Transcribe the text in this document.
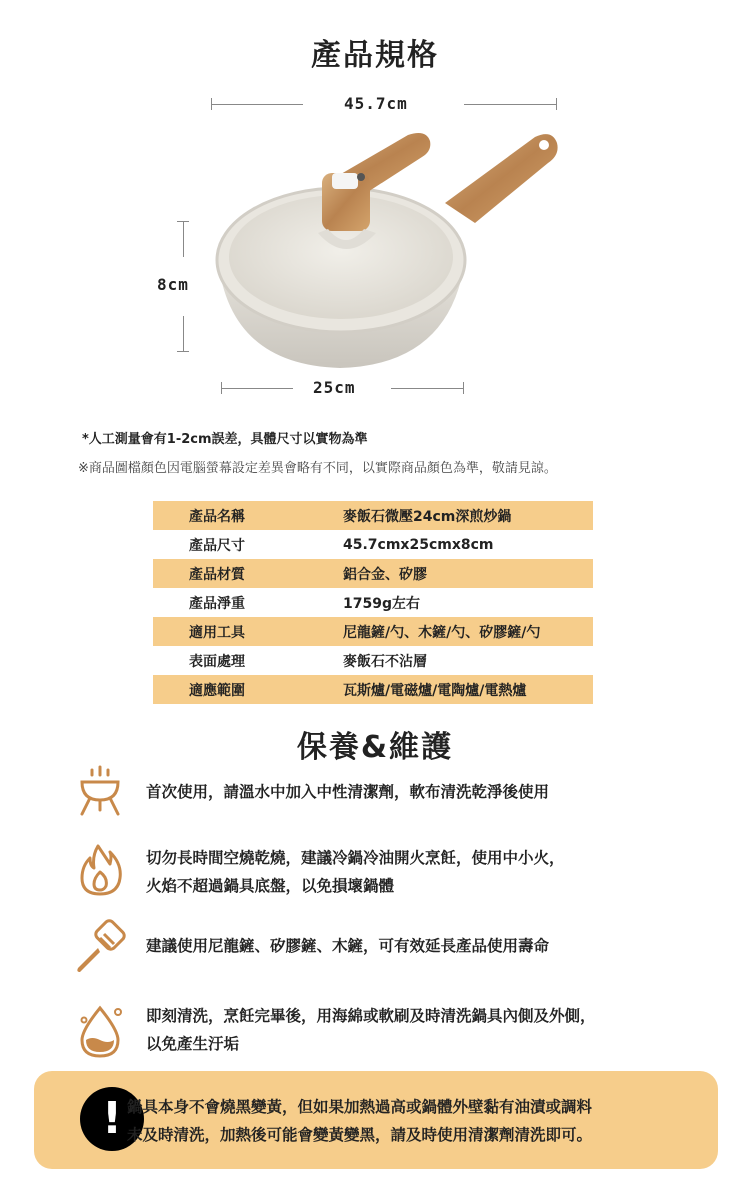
產品規格
45.7cm
8cm
25cm
*人工測量會有1-2cm誤差，具體尺寸以實物為準
※商品圖檔顏色因電腦螢幕設定差異會略有不同，以實際商品顏色為準，敬請見諒。
產品名稱	麥飯石微壓24cm深煎炒鍋
產品尺寸	45.7cmx25cmx8cm
產品材質	鋁合金、矽膠
產品淨重	1759g左右
適用工具	尼龍鏟/勺、木鏟/勺、矽膠鏟/勺
表面處理	麥飯石不沾層
適應範圍	瓦斯爐/電磁爐/電陶爐/電熱爐
保養&維護
首次使用，請溫水中加入中性清潔劑，軟布清洗乾淨後使用
切勿長時間空燒乾燒，建議冷鍋冷油開火烹飪，使用中小火，
火焰不超過鍋具底盤，以免損壞鍋體
建議使用尼龍鏟、矽膠鏟、木鏟，可有效延長產品使用壽命
即刻清洗，烹飪完畢後，用海綿或軟刷及時清洗鍋具內側及外側，
以免產生汙垢
! 鍋具本身不會燒黑變黃，但如果加熱過高或鍋體外壁黏有油漬或調料
未及時清洗，加熱後可能會變黃變黑，請及時使用清潔劑清洗即可。
